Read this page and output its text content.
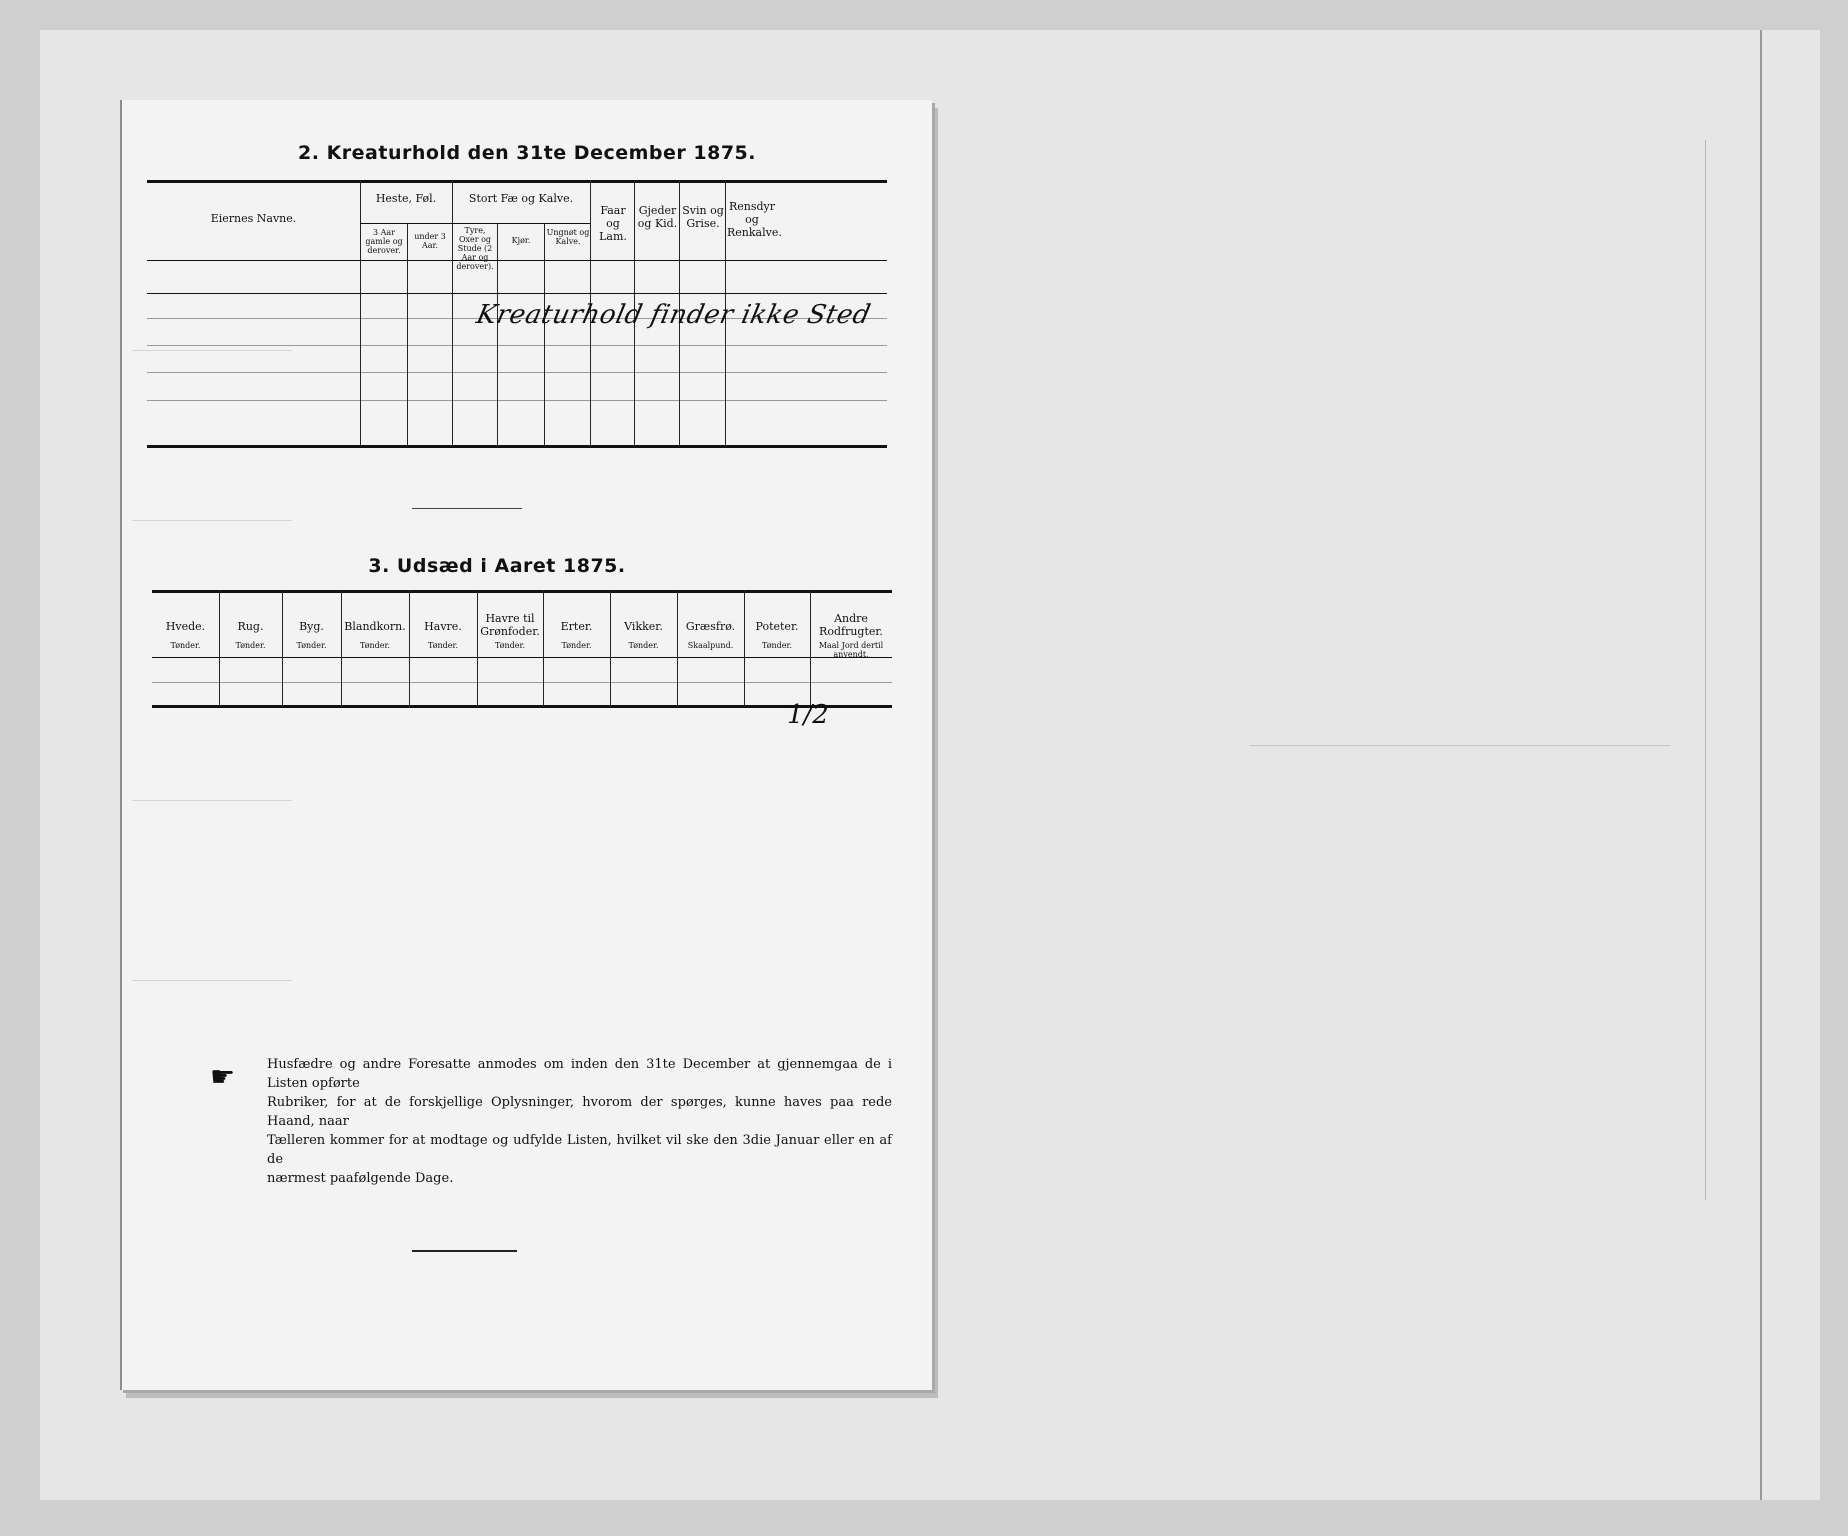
2. Kreaturhold den 31te December 1875.
Eiernes Navne.
Heste, Føl.
3 Aar gamle og derover.
under 3 Aar.
Stort Fæ og Kalve.
Tyre, Oxer og Stude (2 Aar og derover).
Kjør.
Ungnøt og Kalve.
Faar og Lam.
Gjeder og Kid.
Svin og Grise.
Rensdyr og Renkalve.
Kreaturhold finder ikke Sted
3. Udsæd i Aaret 1875.
Hvede.
Tønder.
Rug.
Tønder.
Byg.
Tønder.
Blandkorn.
Tønder.
Havre.
Tønder.
Havre til Grønfoder.
Tønder.
Erter.
Tønder.
Vikker.
Tønder.
Græsfrø.
Skaalpund.
Poteter.
Tønder.
Andre Rodfrugter.
Maal Jord dertil anvendt.
1/2
☛ Husfædre og andre Foresatte anmodes om inden den 31te December at gjennemgaa de i Listen opførte
Rubriker, for at de forskjellige Oplysninger, hvorom der spørges, kunne haves paa rede Haand, naar
Tælleren kommer for at modtage og udfylde Listen, hvilket vil ske den 3die Januar eller en af de
nærmest paafølgende Dage.
